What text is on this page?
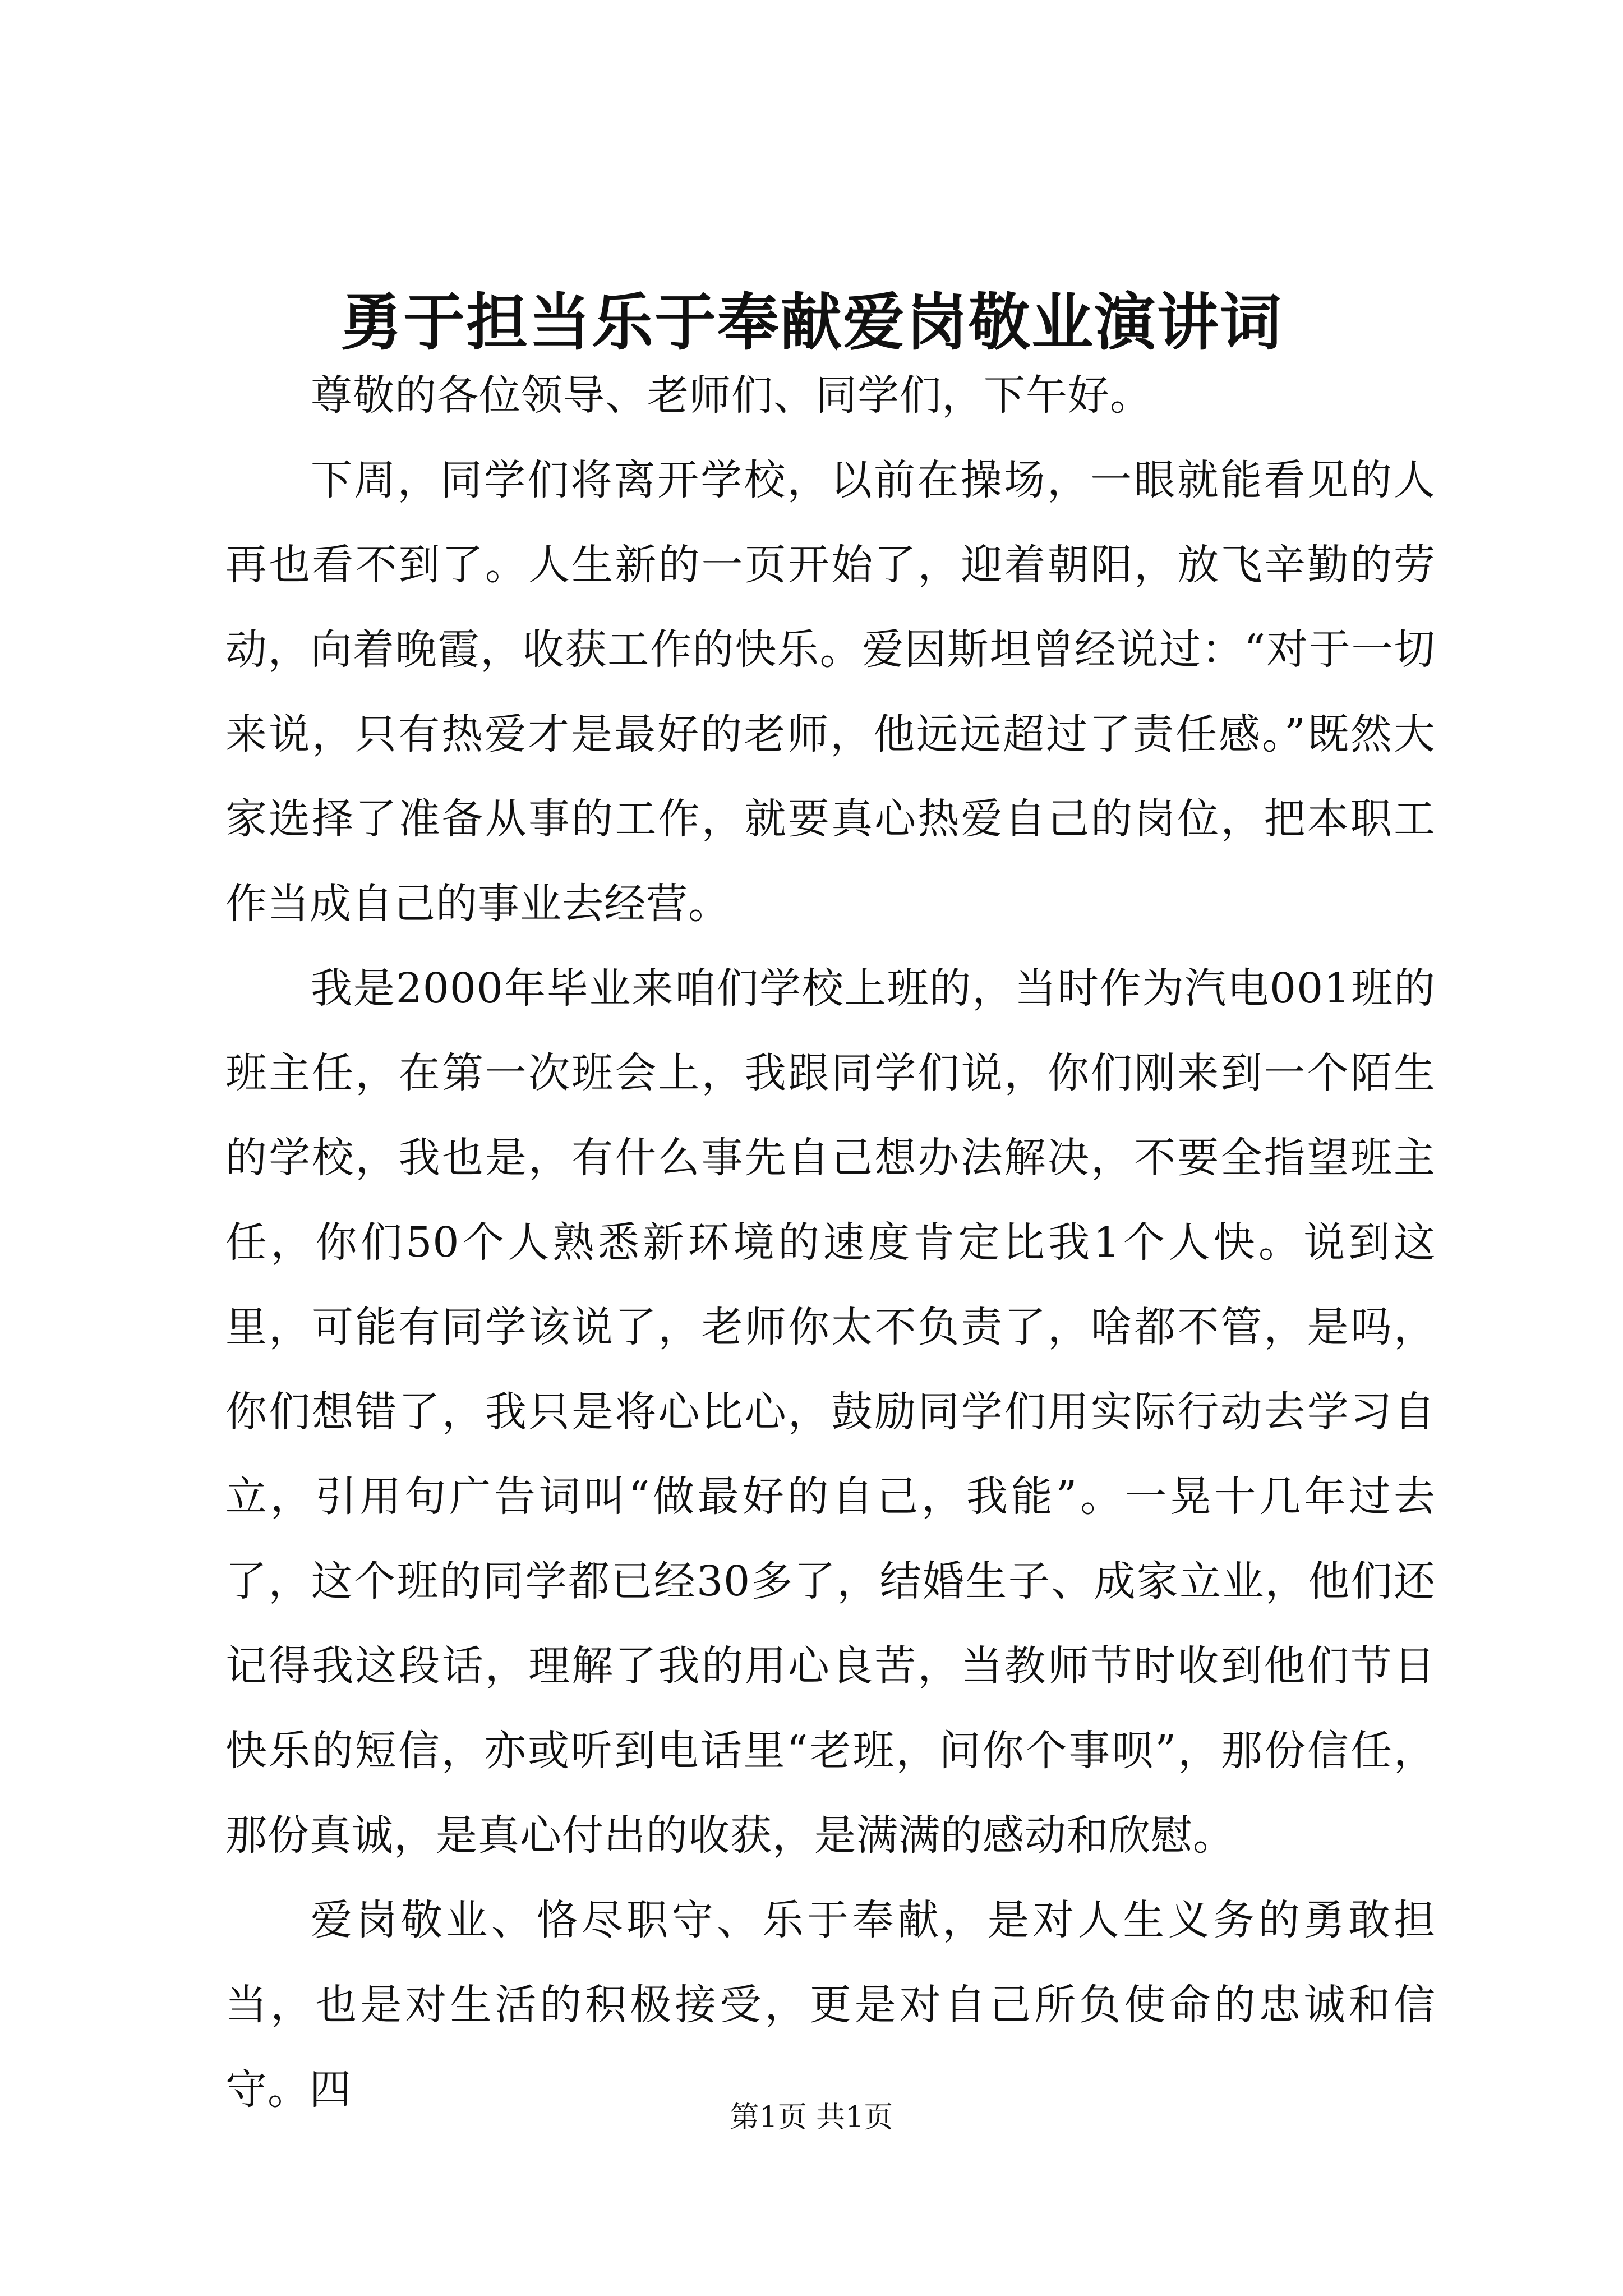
勇于担当乐于奉献爱岗敬业演讲词

尊敬的各位领导、老师们、同学们，下午好。

下周，同学们将离开学校，以前在操场，一眼就能看见的人再也看不到了。人生新的一页开始了，迎着朝阳，放飞辛勤的劳动，向着晚霞，收获工作的快乐。爱因斯坦曾经说过：“对于一切来说，只有热爱才是最好的老师，他远远超过了责任感。”既然大家选择了准备从事的工作，就要真心热爱自己的岗位，把本职工作当成自己的事业去经营。

我是2000年毕业来咱们学校上班的，当时作为汽电001班的班主任，在第一次班会上，我跟同学们说，你们刚来到一个陌生的学校，我也是，有什么事先自己想办法解决，不要全指望班主任，你们50个人熟悉新环境的速度肯定比我1个人快。说到这里，可能有同学该说了，老师你太不负责了，啥都不管，是吗，你们想错了，我只是将心比心，鼓励同学们用实际行动去学习自立，引用句广告词叫“做最好的自己，我能”。一晃十几年过去了，这个班的同学都已经30多了，结婚生子、成家立业，他们还记得我这段话，理解了我的用心良苦，当教师节时收到他们节日快乐的短信，亦或听到电话里“老班，问你个事呗”，那份信任，那份真诚，是真心付出的收获，是满满的感动和欣慰。

爱岗敬业、恪尽职守、乐于奉献，是对人生义务的勇敢担当，也是对生活的积极接受，更是对自己所负使命的忠诚和信守。四

第1页 共1页
